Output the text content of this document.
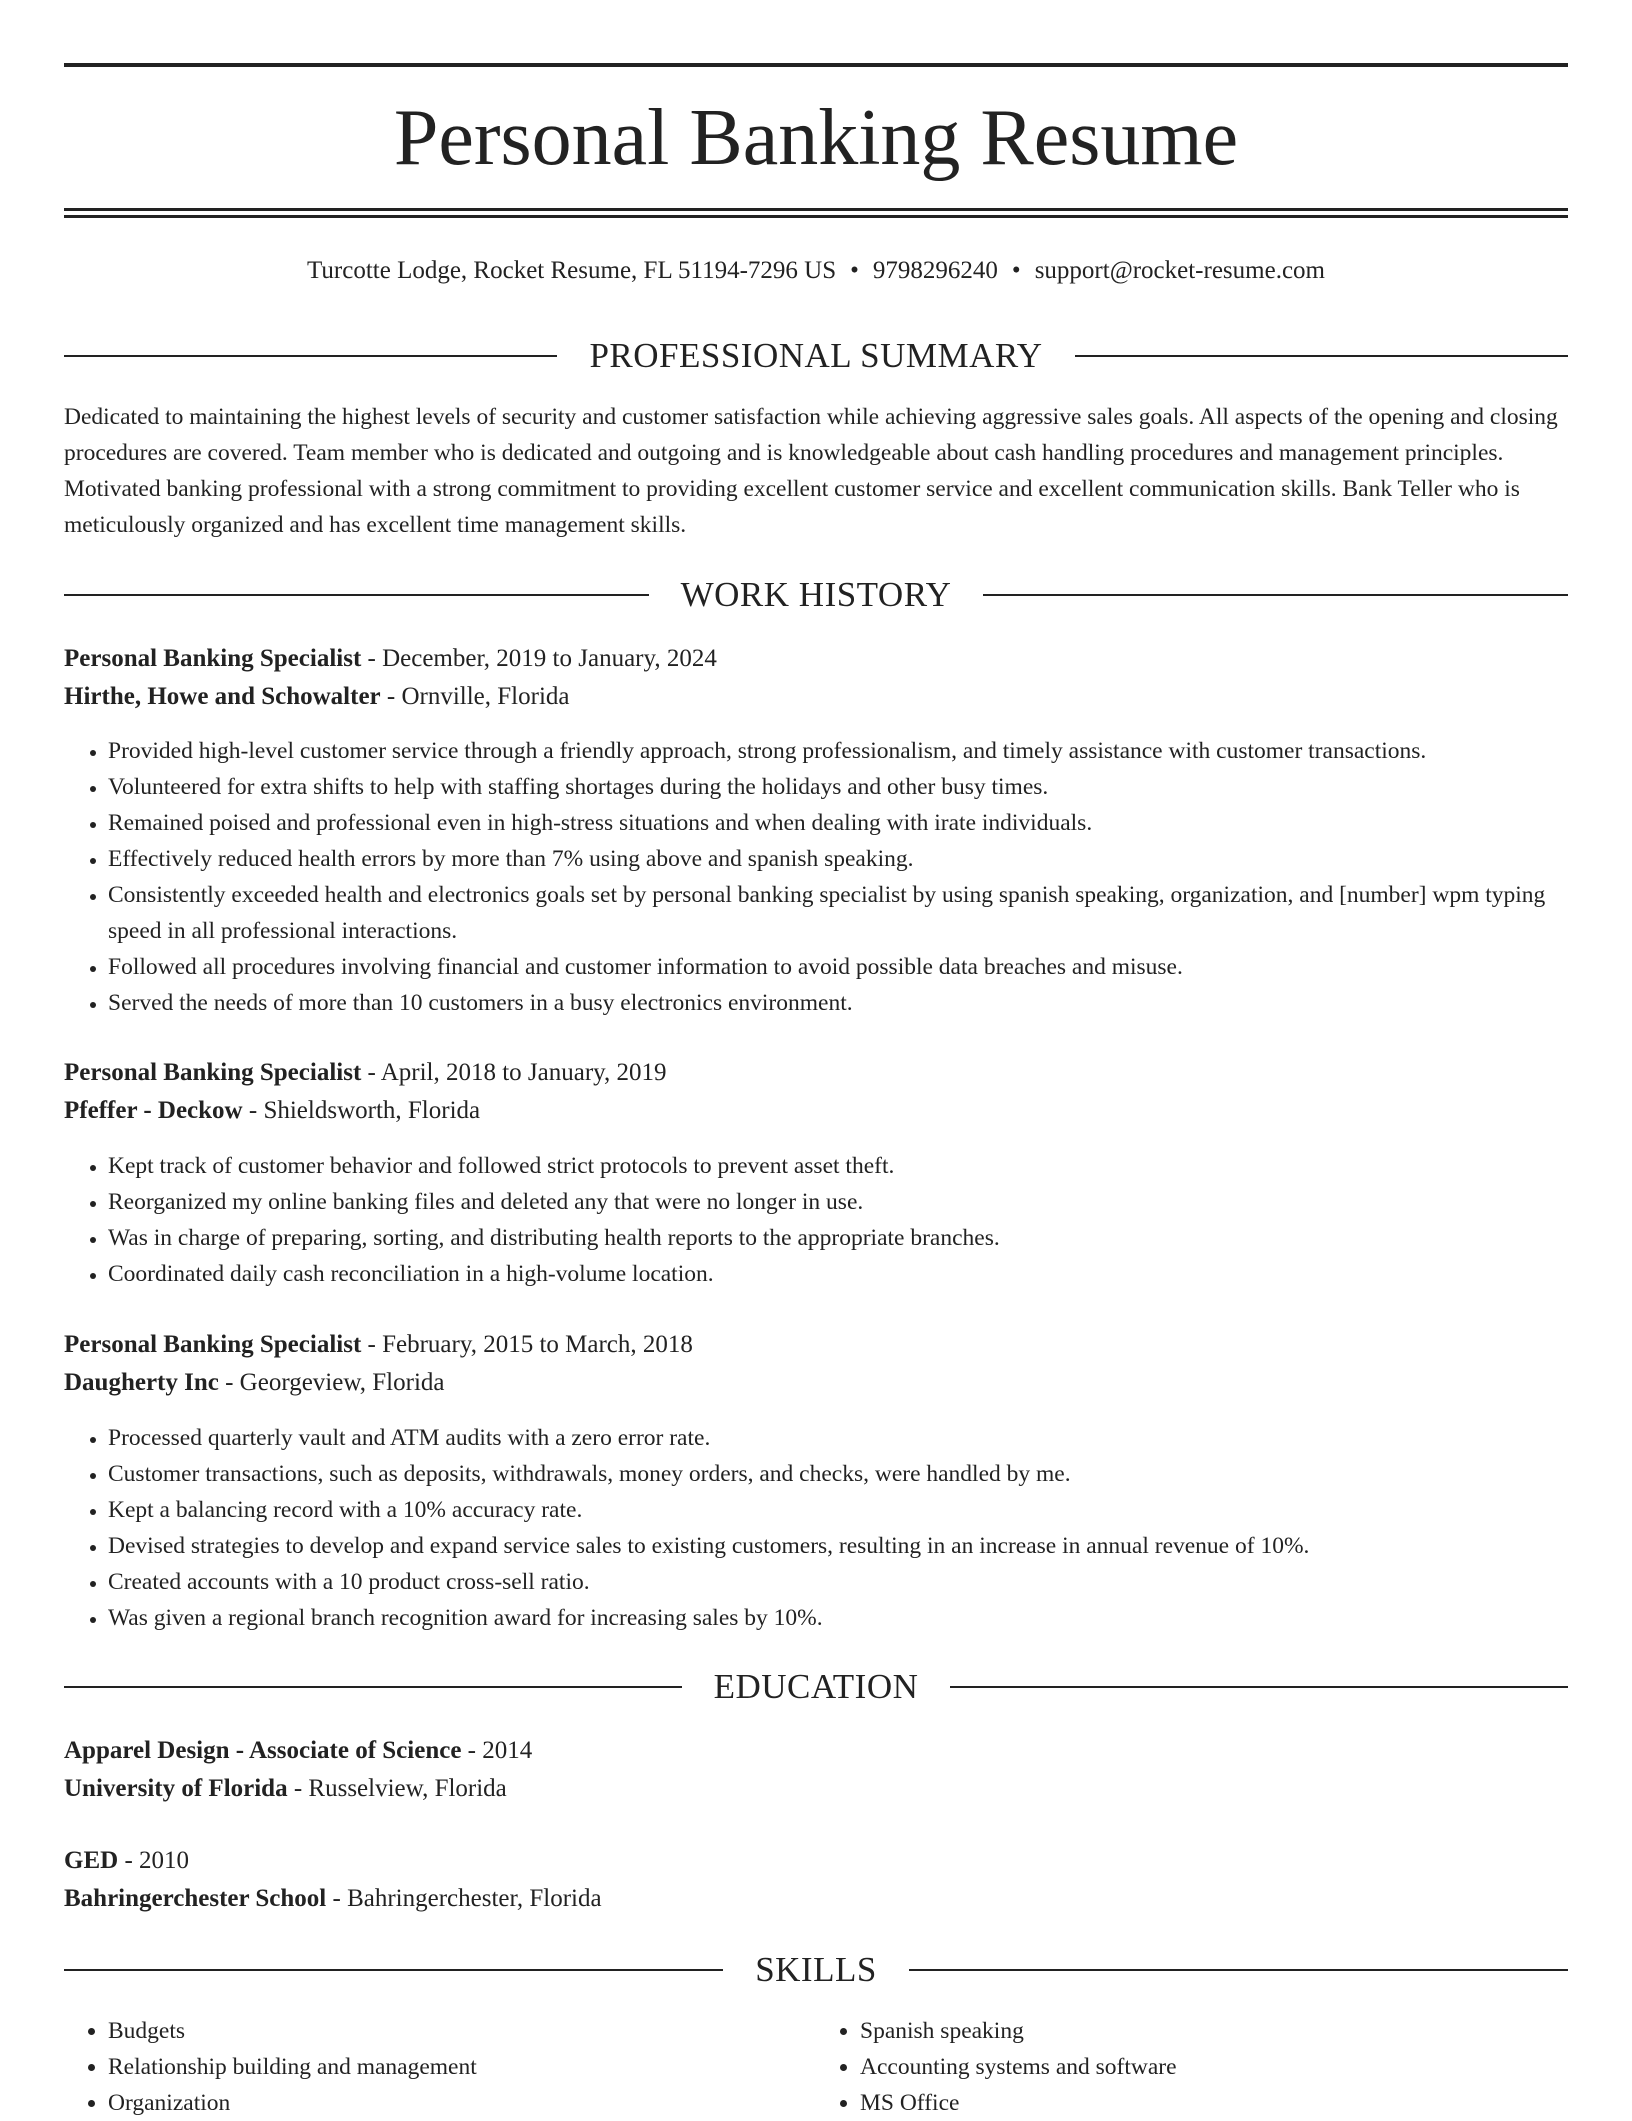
Personal Banking Resume
Turcotte Lodge, Rocket Resume, FL 51194-7296 US • 9798296240 • support@rocket-resume.com
PROFESSIONAL SUMMARY

Dedicated to maintaining the highest levels of security and customer satisfaction while achieving aggressive sales goals. All aspects of the opening and closing procedures are covered. Team member who is dedicated and outgoing and is knowledgeable about cash handling procedures and management principles. Motivated banking professional with a strong commitment to providing excellent customer service and excellent communication skills. Bank Teller who is meticulously organized and has excellent time management skills.

WORK HISTORY
Personal Banking Specialist - December, 2019 to January, 2024
Hirthe, Howe and Schowalter - Ornville, Florida
• Provided high-level customer service through a friendly approach, strong professionalism, and timely assistance with customer transactions.
• Volunteered for extra shifts to help with staffing shortages during the holidays and other busy times.
• Remained poised and professional even in high-stress situations and when dealing with irate individuals.
• Effectively reduced health errors by more than 7% using above and spanish speaking.
• Consistently exceeded health and electronics goals set by personal banking specialist by using spanish speaking, organization, and [number] wpm typing speed in all professional interactions.
• Followed all procedures involving financial and customer information to avoid possible data breaches and misuse.
• Served the needs of more than 10 customers in a busy electronics environment.
Personal Banking Specialist - April, 2018 to January, 2019
Pfeffer - Deckow - Shieldsworth, Florida
• Kept track of customer behavior and followed strict protocols to prevent asset theft.
• Reorganized my online banking files and deleted any that were no longer in use.
• Was in charge of preparing, sorting, and distributing health reports to the appropriate branches.
• Coordinated daily cash reconciliation in a high-volume location.
Personal Banking Specialist - February, 2015 to March, 2018
Daugherty Inc - Georgeview, Florida
• Processed quarterly vault and ATM audits with a zero error rate.
• Customer transactions, such as deposits, withdrawals, money orders, and checks, were handled by me.
• Kept a balancing record with a 10% accuracy rate.
• Devised strategies to develop and expand service sales to existing customers, resulting in an increase in annual revenue of 10%.
• Created accounts with a 10 product cross-sell ratio.
• Was given a regional branch recognition award for increasing sales by 10%.
EDUCATION
Apparel Design - Associate of Science - 2014
University of Florida - Russelview, Florida
GED - 2010
Bahringerchester School - Bahringerchester, Florida
SKILLS
• Budgets
• Relationship building and management
• Organization
• Spanish speaking
• Accounting systems and software
• MS Office
